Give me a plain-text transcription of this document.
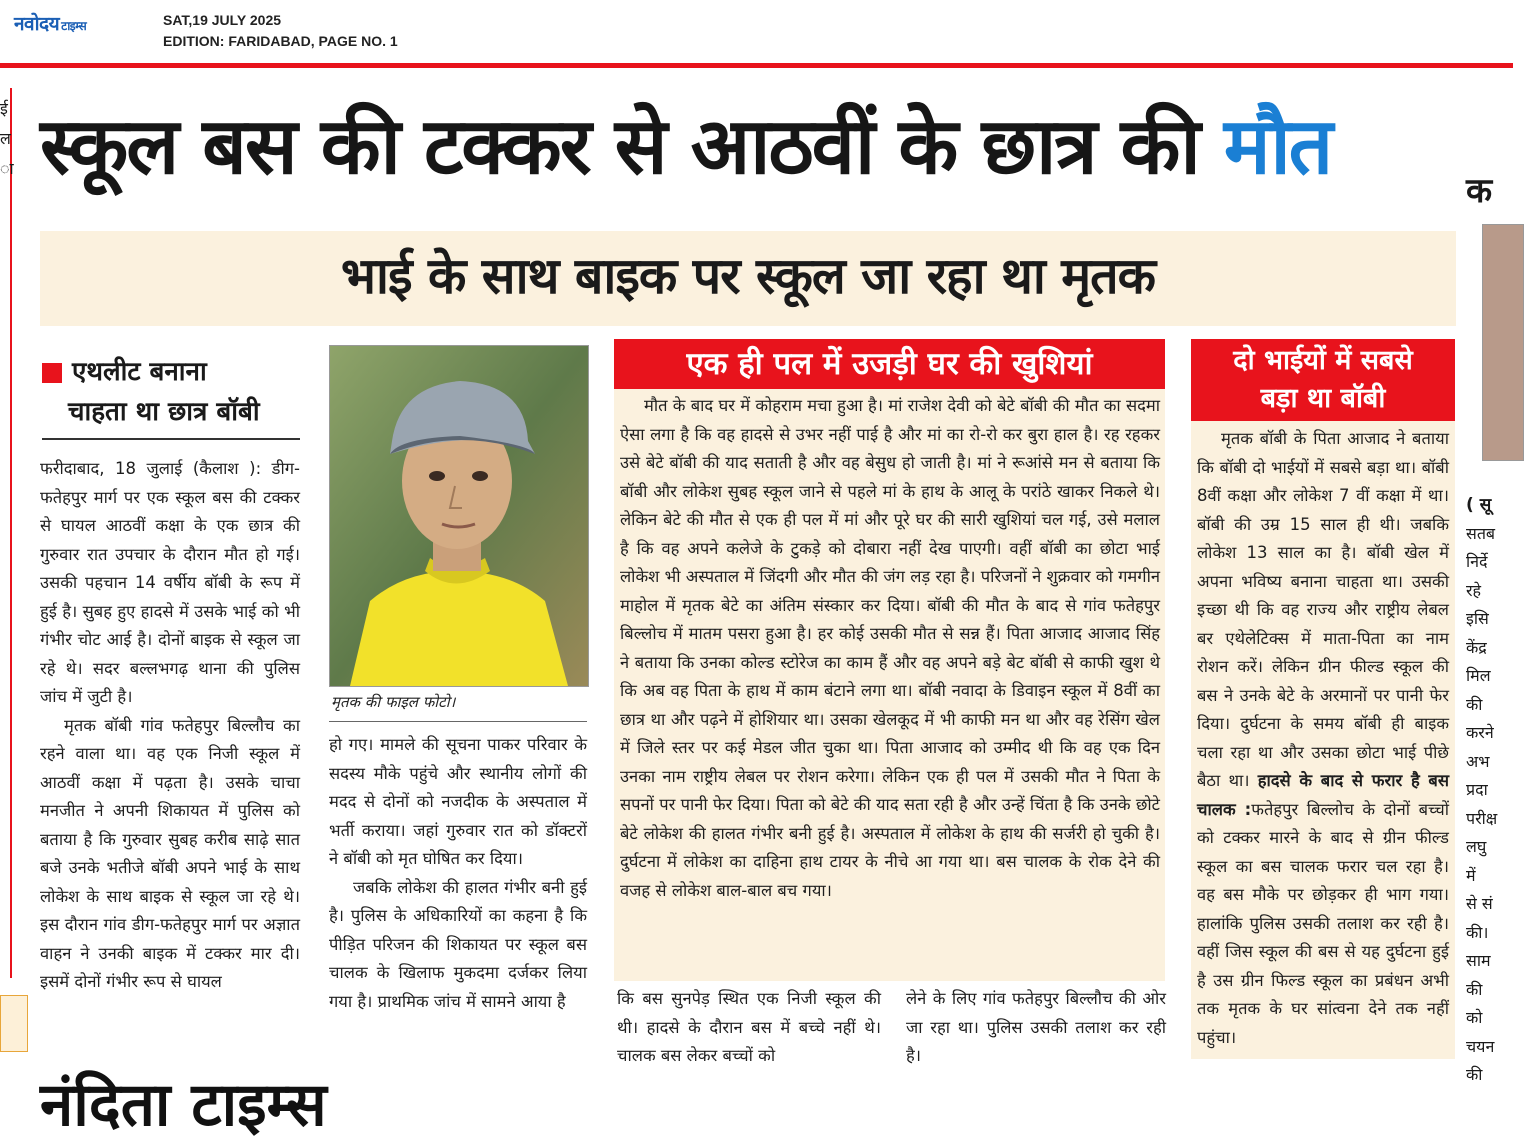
नवोदय टाइम्स	SAT,19 JULY 2025
EDITION: FARIDABAD, PAGE NO. 1
ई
ल
ा
क
( सू
सतब
निर्दे
रहे
इसि
केंद्र
मिल
की
करने
अभ
प्रदा
परीक्ष
लघु
में
से सं
की।
साम
की
को
चयन
की
स्कूल बस की टक्कर से आठवीं के छात्र की मौत
भाई के साथ बाइक पर स्कूल जा रहा था मृतक
एथलीट बनाना
चाहता था छात्र बॉबी

फरीदाबाद, 18 जुलाई (कैलाश ): डीग-फतेहपुर मार्ग पर एक स्कूल बस की टक्कर से घायल आठवीं कक्षा के एक छात्र की गुरुवार रात उपचार के दौरान मौत हो गई। उसकी पहचान 14 वर्षीय बॉबी के रूप में हुई है। सुबह हुए हादसे में उसके भाई को भी गंभीर चोट आई है। दोनों बाइक से स्कूल जा रहे थे। सदर बल्लभगढ़ थाना की पुलिस जांच में जुटी है।

मृतक बॉबी गांव फतेहपुर बिल्लौच का रहने वाला था। वह एक निजी स्कूल में आठवीं कक्षा में पढ़ता है। उसके चाचा मनजीत ने अपनी शिकायत में पुलिस को बताया है कि गुरुवार सुबह करीब साढ़े सात बजे उनके भतीजे बॉबी अपने भाई के साथ लोकेश के साथ बाइक से स्कूल जा रहे थे। इस दौरान गांव डीग-फतेहपुर मार्ग पर अज्ञात वाहन ने उनकी बाइक में टक्कर मार दी। इसमें दोनों गंभीर रूप से घायल

मृतक की फाइल फोटो।

हो गए। मामले की सूचना पाकर परिवार के सदस्य मौके पहुंचे और स्थानीय लोगों की मदद से दोनों को नजदीक के अस्पताल में भर्ती कराया। जहां गुरुवार रात को डॉक्टरों ने बॉबी को मृत घोषित कर दिया।

जबकि लोकेश की हालत गंभीर बनी हुई है। पुलिस के अधिकारियों का कहना है कि पीड़ित परिजन की शिकायत पर स्कूल बस चालक के खिलाफ मुकदमा दर्जकर लिया गया है। प्राथमिक जांच में सामने आया है

एक ही पल में उजड़ी घर की खुशियां

मौत के बाद घर में कोहराम मचा हुआ है। मां राजेश देवी को बेटे बॉबी की मौत का सदमा ऐसा लगा है कि वह हादसे से उभर नहीं पाई है और मां का रो-रो कर बुरा हाल है। रह रहकर उसे बेटे बॉबी की याद सताती है और वह बेसुध हो जाती है। मां ने रूआंसे मन से बताया कि बॉबी और लोकेश सुबह स्कूल जाने से पहले मां के हाथ के आलू के परांठे खाकर निकले थे। लेकिन बेटे की मौत से एक ही पल में मां और पूरे घर की सारी खुशियां चल गई, उसे मलाल है कि वह अपने कलेजे के टुकड़े को दोबारा नहीं देख पाएगी। वहीं बॉबी का छोटा भाई लोकेश भी अस्पताल में जिंदगी और मौत की जंग लड़ रहा है। परिजनों ने शुक्रवार को गमगीन माहोल में मृतक बेटे का अंतिम संस्कार कर दिया। बॉबी की मौत के बाद से गांव फतेहपुर बिल्लोच में मातम पसरा हुआ है। हर कोई उसकी मौत से सन्न हैं। पिता आजाद आजाद सिंह ने बताया कि उनका कोल्ड स्टोरेज का काम हैं और वह अपने बड़े बेट बॉबी से काफी खुश थे कि अब वह पिता के हाथ में काम बंटाने लगा था। बॉबी नवादा के डिवाइन स्कूल में 8वीं का छात्र था और पढ़ने में होशियार था। उसका खेलकूद में भी काफी मन था और वह रेसिंग खेल में जिले स्तर पर कई मेडल जीत चुका था। पिता आजाद को उम्मीद थी कि वह एक दिन उनका नाम राष्ट्रीय लेबल पर रोशन करेगा। लेकिन एक ही पल में उसकी मौत ने पिता के सपनों पर पानी फेर दिया। पिता को बेटे की याद सता रही है और उन्हें चिंता है कि उनके छोटे बेटे लोकेश की हालत गंभीर बनी हुई है। अस्पताल में लोकेश के हाथ की सर्जरी हो चुकी है। दुर्घटना में लोकेश का दाहिना हाथ टायर के नीचे आ गया था। बस चालक के रोक देने की वजह से लोकेश बाल-बाल बच गया।

कि बस सुनपेड़ स्थित एक निजी स्कूल की थी। हादसे के दौरान बस में बच्चे नहीं थे। चालक बस लेकर बच्चों को

लेने के लिए गांव फतेहपुर बिल्लौच की ओर जा रहा था। पुलिस उसकी तलाश कर रही है।

दो भाईयों में सबसे
बड़ा था बॉबी

मृतक बॉबी के पिता आजाद ने बताया कि बॉबी दो भाईयों में सबसे बड़ा था। बॉबी 8वीं कक्षा और लोकेश 7 वीं कक्षा में था। बॉबी की उम्र 15 साल ही थी। जबकि लोकेश 13 साल का है। बॉबी खेल में अपना भविष्य बनाना चाहता था। उसकी इच्छा थी कि वह राज्य और राष्ट्रीय लेबल बर एथेलेटिक्स में माता-पिता का नाम रोशन करें। लेकिन ग्रीन फील्ड स्कूल की बस ने उनके बेटे के अरमानों पर पानी फेर दिया। दुर्घटना के समय बॉबी ही बाइक चला रहा था और उसका छोटा भाई पीछे बैठा था। हादसे के बाद से फरार है बस चालक :फतेहपुर बिल्लोच के दोनों बच्चों को टक्कर मारने के बाद से ग्रीन फील्ड स्कूल का बस चालक फरार चल रहा है। वह बस मौके पर छोड़कर ही भाग गया। हालांकि पुलिस उसकी तलाश कर रही है। वहीं जिस स्कूल की बस से यह दुर्घटना हुई है उस ग्रीन फिल्ड स्कूल का प्रबंधन अभी तक मृतक के घर सांत्वना देने तक नहीं पहुंचा।

नंदिता टाइम्स
